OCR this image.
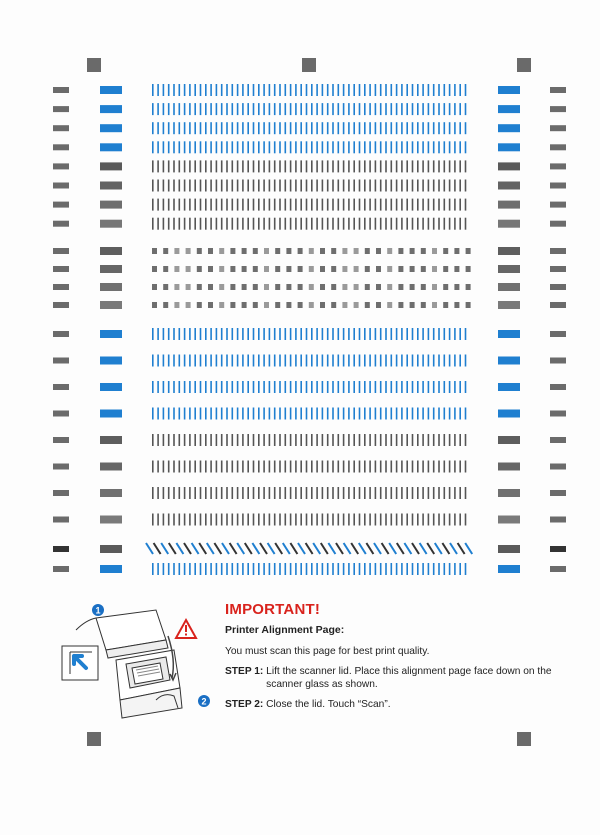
1
2
IMPORTANT!
Printer Alignment Page:
You must scan this page for best print quality.
STEP 1: Lift the scanner lid. Place this alignment page face down on the scanner glass as shown.
STEP 2: Close the lid. Touch “Scan”.
